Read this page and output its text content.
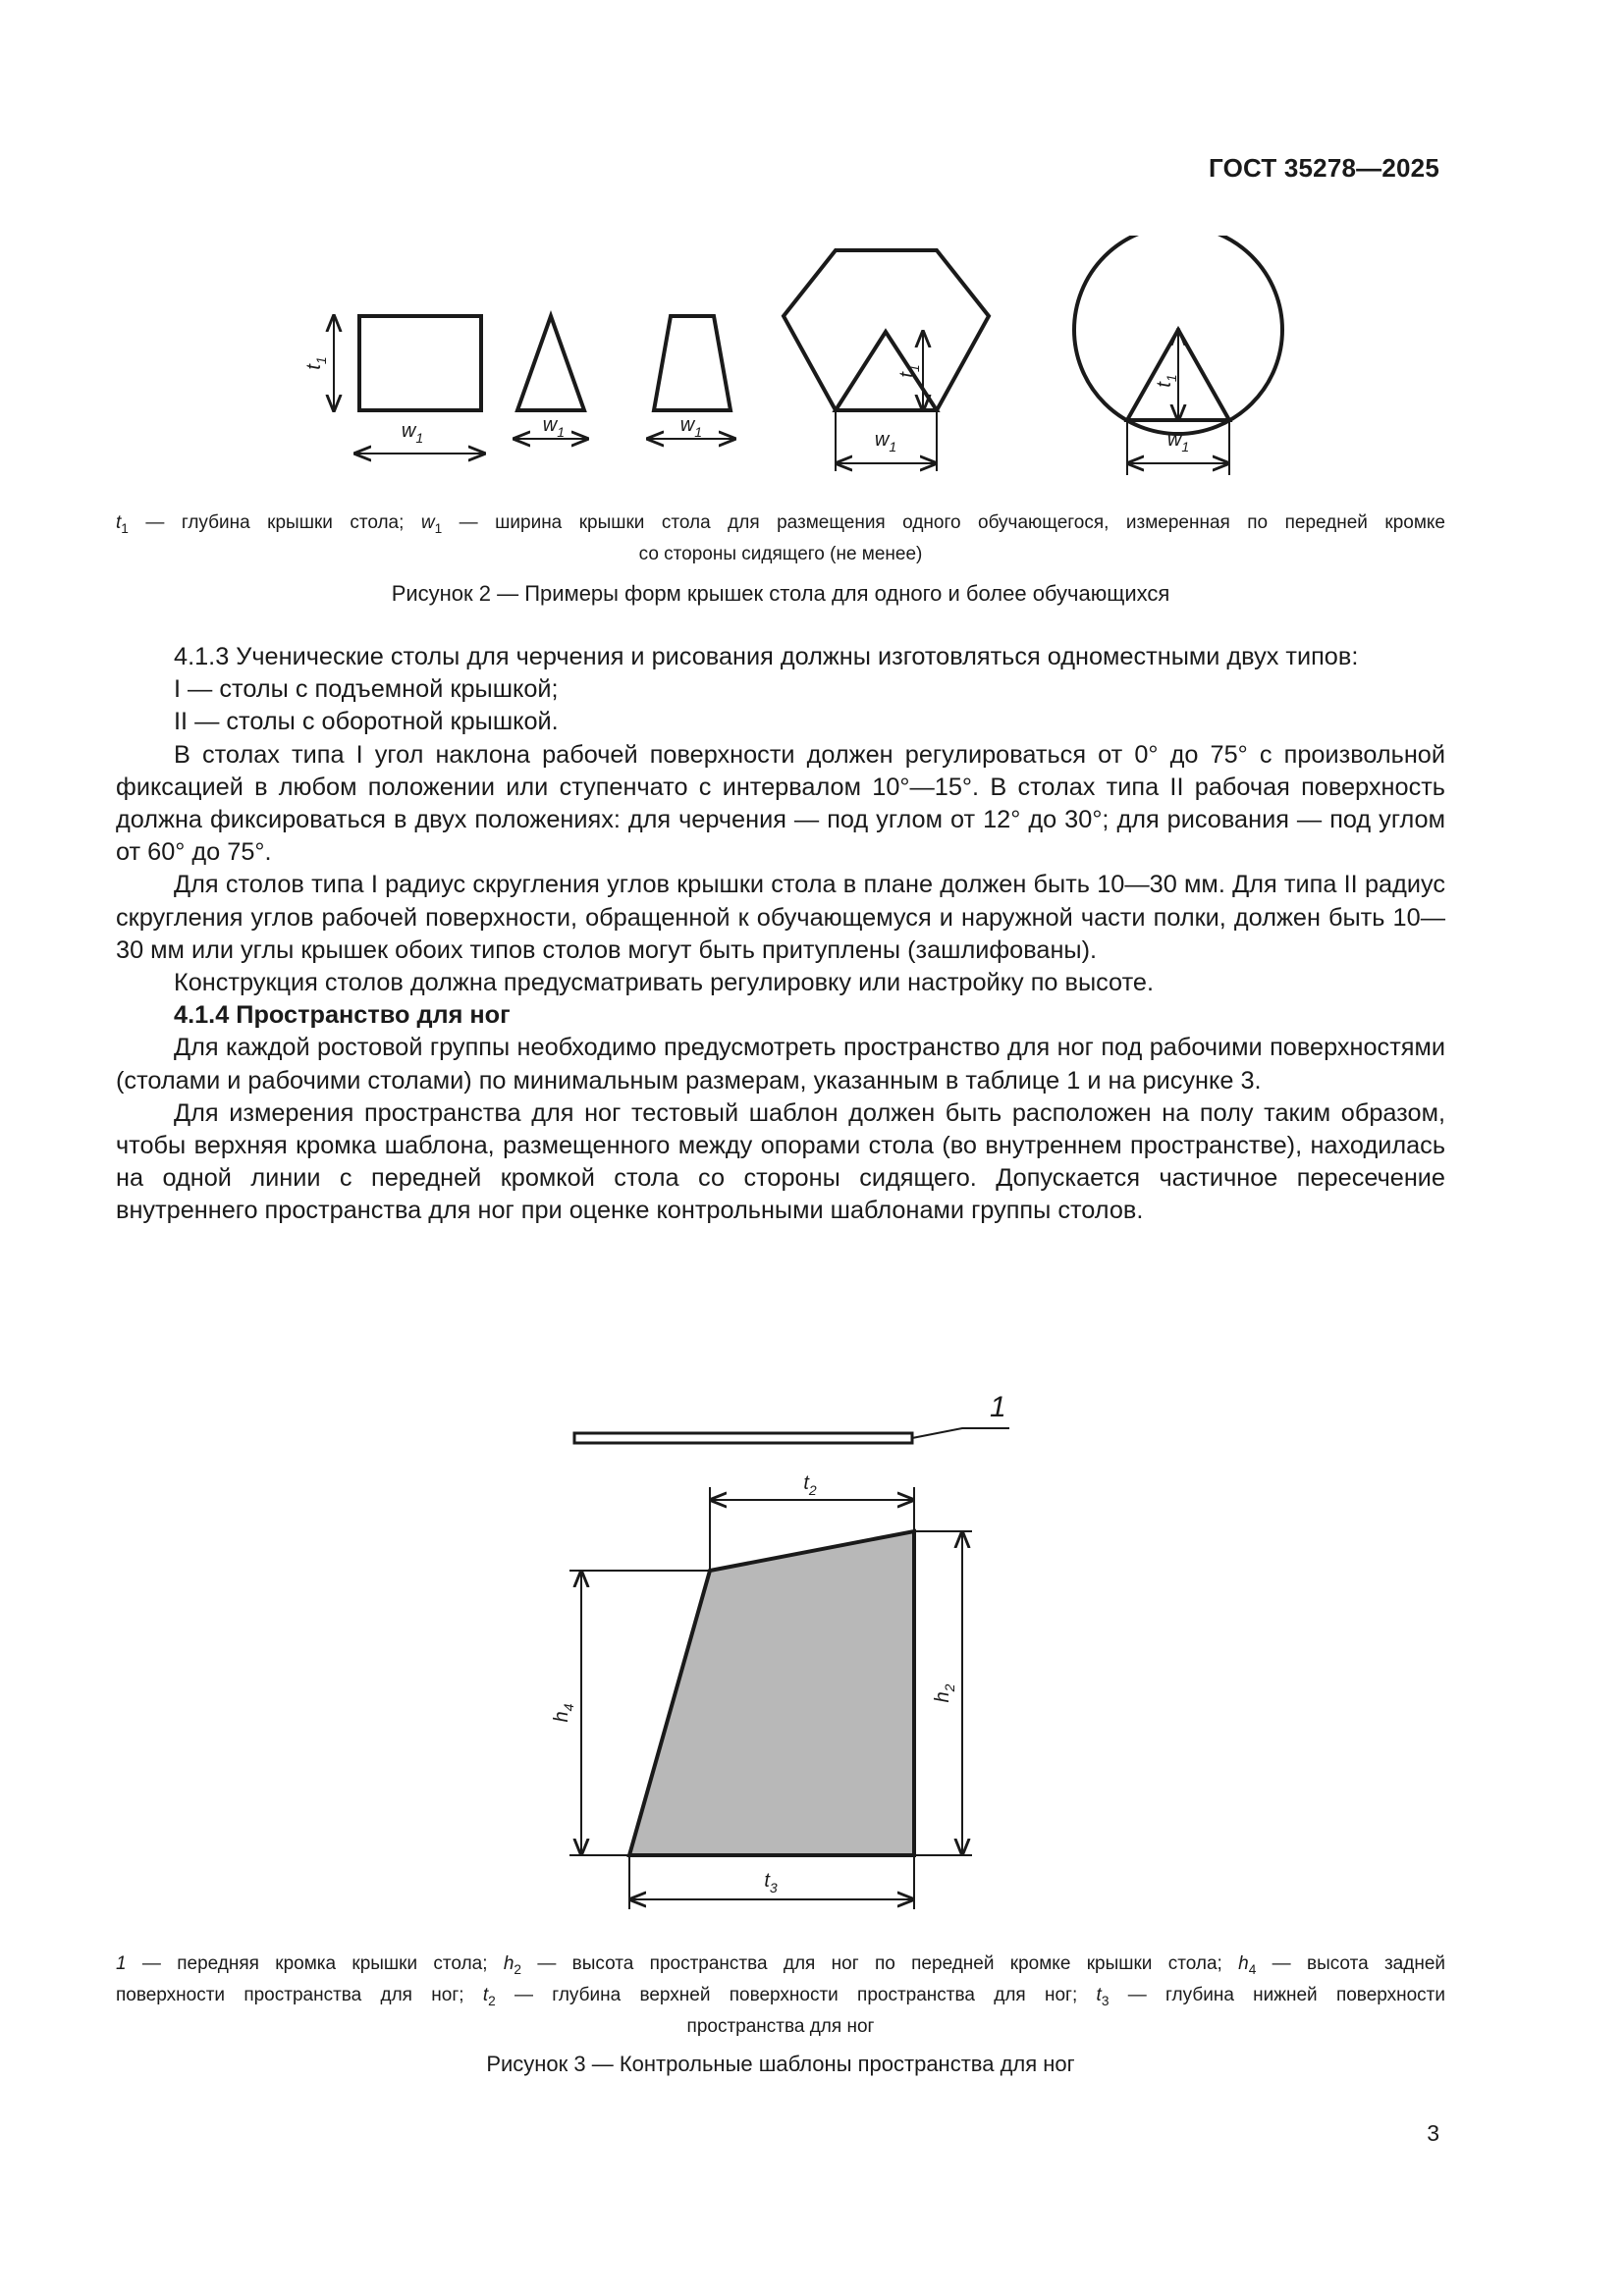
ГОСТ 35278—2025
$t_1$
$w_1$
$w_1$	$w_1$
$t_1$
$w_1$
$t_1$
$w_1$
$t_1$ — глубина крышки стола; $w_1$ — ширина крышки стола для размещения одного обучающегося, измеренная по передней кромке
со стороны сидящего (не менее)
Рисунок 2 — Примеры форм крышек стола для одного и более обучающихся

4.1.3 Ученические столы для черчения и рисования должны изготовляться одноместными двух типов:

I — столы с подъемной крышкой;

II — столы с оборотной крышкой.

В столах типа I угол наклона рабочей поверхности должен регулироваться от 0° до 75° с произвольной фиксацией в любом положении или ступенчато с интервалом 10°—15°. В столах типа II рабочая поверхность должна фиксироваться в двух положениях: для черчения — под углом от 12° до 30°; для рисования — под углом от 60° до 75°.

Для столов типа I радиус скругления углов крышки стола в плане должен быть 10—30 мм. Для типа II радиус скругления углов рабочей поверхности, обращенной к обучающемуся и наружной части полки, должен быть 10—30 мм или углы крышек обоих типов столов могут быть притуплены (зашлифованы).

Конструкция столов должна предусматривать регулировку или настройку по высоте.

4.1.4 Пространство для ног

Для каждой ростовой группы необходимо предусмотреть пространство для ног под рабочими поверхностями (столами и рабочими столами) по минимальным размерам, указанным в таблице 1 и на рисунке 3.

Для измерения пространства для ног тестовый шаблон должен быть расположен на полу таким образом, чтобы верхняя кромка шаблона, размещенного между опорами стола (во внутреннем пространстве), находилась на одной линии с передней кромкой стола со стороны сидящего. Допускается частичное пересечение внутреннего пространства для ног при оценке контрольными шаблонами группы столов.

1
$t_2$
$h_4$
$h_2$
$t_3$
1 — передняя кромка крышки стола; $h_2$ — высота пространства для ног по передней кромке крышки стола; $h_4$ — высота задней
поверхности пространства для ног; $t_2$ — глубина верхней поверхности пространства для ног; $t_3$ — глубина нижней поверхности
пространства для ног
Рисунок 3 — Контрольные шаблоны пространства для ног
3
